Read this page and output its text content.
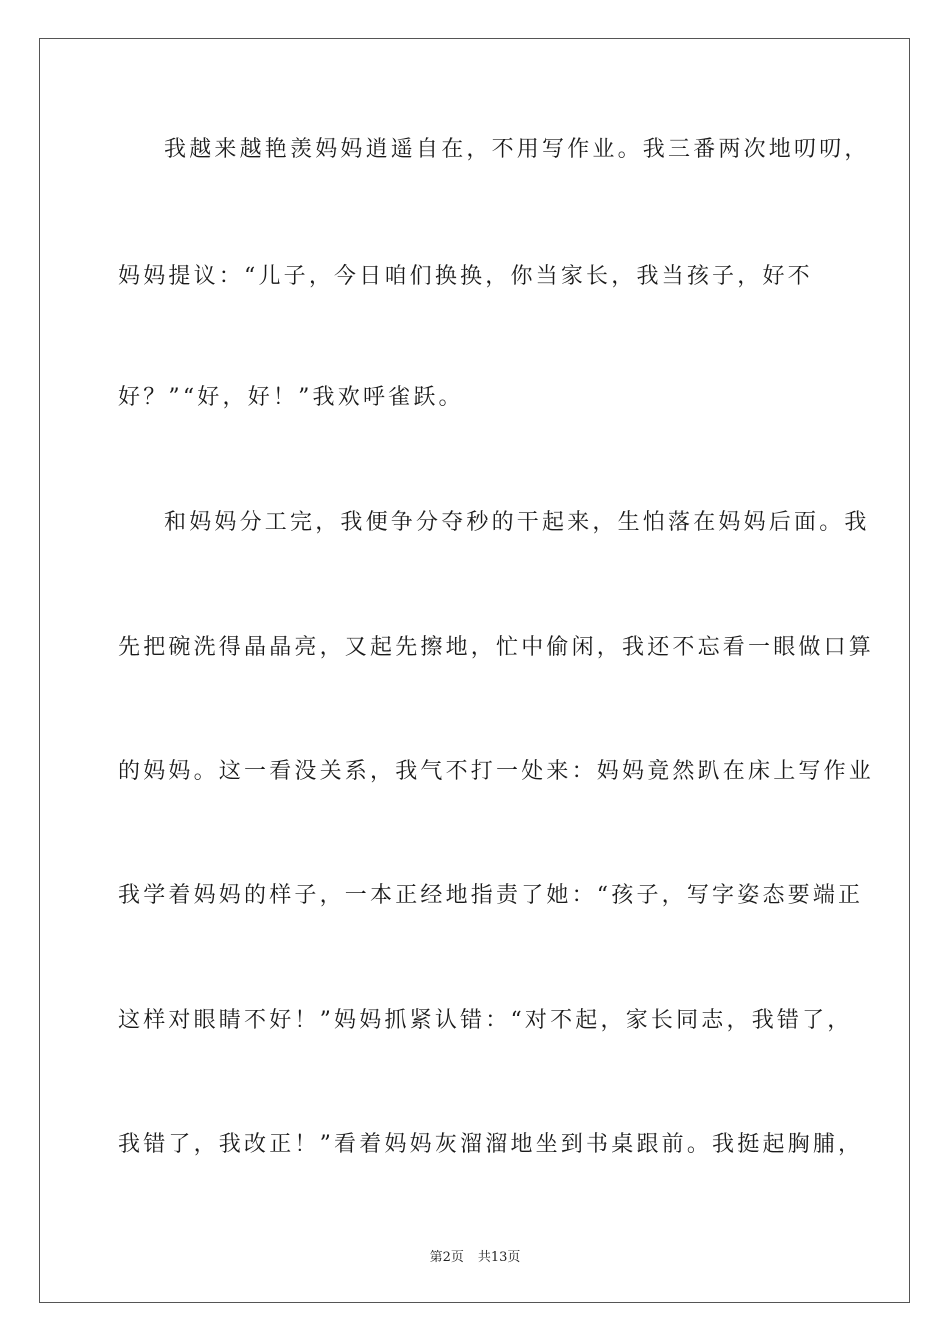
我越来越艳羡妈妈逍遥自在，不用写作业。我三番两次地叨叨，
妈妈提议：“儿子，今日咱们换换，你当家长，我当孩子，好不
好？”“好，好！”我欢呼雀跃。
和妈妈分工完，我便争分夺秒的干起来，生怕落在妈妈后面。我
先把碗洗得晶晶亮，又起先擦地，忙中偷闲，我还不忘看一眼做口算
的妈妈。这一看没关系，我气不打一处来：妈妈竟然趴在床上写作业
我学着妈妈的样子，一本正经地指责了她：“孩子，写字姿态要端正
这样对眼睛不好！”妈妈抓紧认错：“对不起，家长同志，我错了，
我错了，我改正！”看着妈妈灰溜溜地坐到书桌跟前。我挺起胸脯，
第2页 共13页
